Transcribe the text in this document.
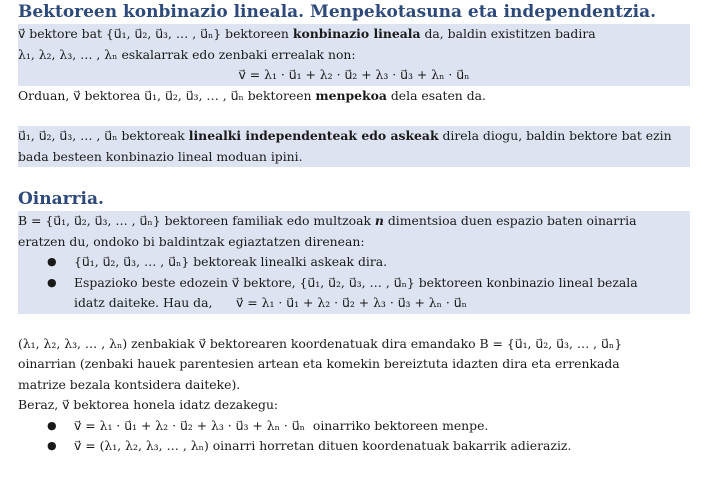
Bektoreen konbinazio lineala. Menpekotasuna eta independentzia.
v⃗ bektore bat {u⃗₁, u⃗₂, u⃗₃, … , u⃗ₙ} bektoreen konbinazio lineala da, baldin existitzen badira
λ₁, λ₂, λ₃, … , λₙ eskalarrak edo zenbaki errealak non:
v⃗ = λ₁ · u⃗₁ + λ₂ · u⃗₂ + λ₃ · u⃗₃ + λₙ · u⃗ₙ
Orduan, v⃗ bektorea u⃗₁, u⃗₂, u⃗₃, … , u⃗ₙ bektoreen menpekoa dela esaten da.
u⃗₁, u⃗₂, u⃗₃, … , u⃗ₙ bektoreak linealki independenteak edo askeak direla diogu, baldin bektore bat ezin
bada besteen konbinazio lineal moduan ipini.
Oinarria.
B = {u⃗₁, u⃗₂, u⃗₃, … , u⃗ₙ} bektoreen familiak edo multzoak n dimentsioa duen espazio baten oinarria
eratzen du, ondoko bi baldintzak egiaztatzen direnean:
● {u⃗₁, u⃗₂, u⃗₃, … , u⃗ₙ} bektoreak linealki askeak dira.
● Espazioko beste edozein v⃗ bektore, {u⃗₁, u⃗₂, u⃗₃, … , u⃗ₙ} bektoreen konbinazio lineal bezala
idatz daiteke. Hau da,      v⃗ = λ₁ · u⃗₁ + λ₂ · u⃗₂ + λ₃ · u⃗₃ + λₙ · u⃗ₙ
(λ₁, λ₂, λ₃, … , λₙ) zenbakiak v⃗ bektorearen koordenatuak dira emandako B = {u⃗₁, u⃗₂, u⃗₃, … , u⃗ₙ}
oinarrian (zenbaki hauek parentesien artean eta komekin bereiztuta idazten dira eta errenkada
matrize bezala kontsidera daiteke).
Beraz, v⃗ bektorea honela idatz dezakegu:
● v⃗ = λ₁ · u⃗₁ + λ₂ · u⃗₂ + λ₃ · u⃗₃ + λₙ · u⃗ₙ  oinarriko bektoreen menpe.
● v⃗ = (λ₁, λ₂, λ₃, … , λₙ) oinarri horretan dituen koordenatuak bakarrik adieraziz.
